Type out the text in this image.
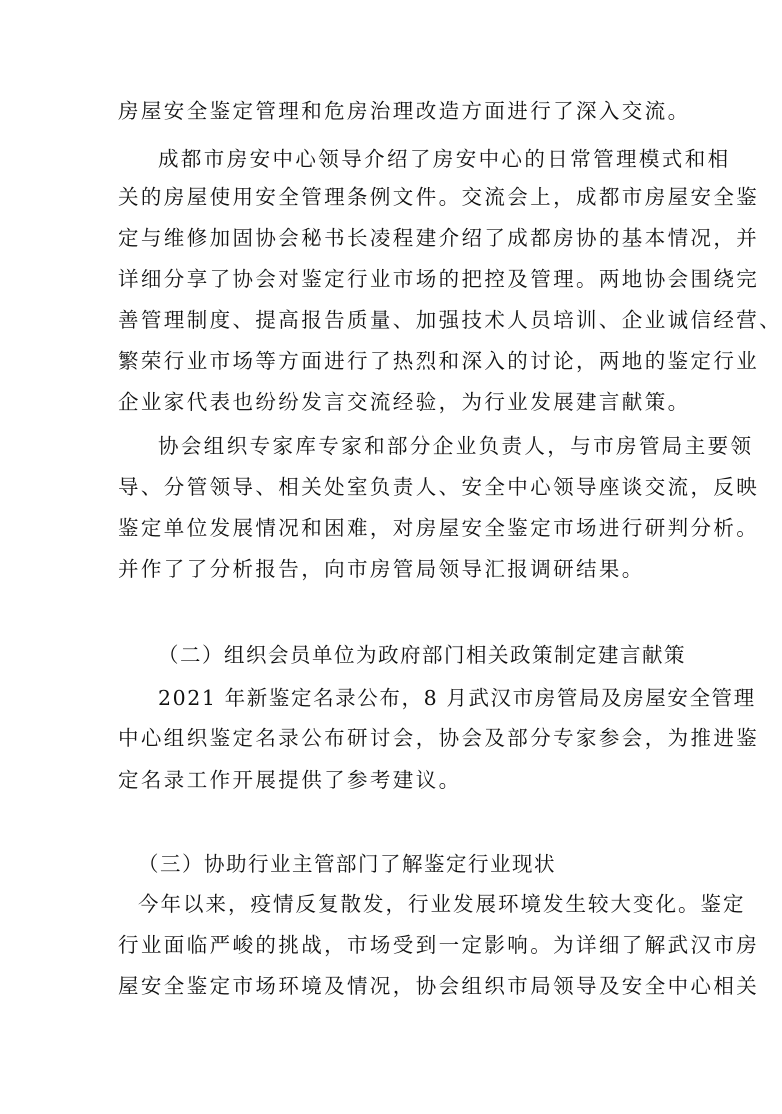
房屋安全鉴定管理和危房治理改造方面进行了深入交流。
成都市房安中心领导介绍了房安中心的日常管理模式和相
关的房屋使用安全管理条例文件。交流会上，成都市房屋安全鉴
定与维修加固协会秘书长凌程建介绍了成都房协的基本情况，并
详细分享了协会对鉴定行业市场的把控及管理。两地协会围绕完
善管理制度、提高报告质量、加强技术人员培训、企业诚信经营、
繁荣行业市场等方面进行了热烈和深入的讨论，两地的鉴定行业
企业家代表也纷纷发言交流经验，为行业发展建言献策。
协会组织专家库专家和部分企业负责人，与市房管局主要领
导、分管领导、相关处室负责人、安全中心领导座谈交流，反映
鉴定单位发展情况和困难，对房屋安全鉴定市场进行研判分析。
并作了了分析报告，向市房管局领导汇报调研结果。
（二）组织会员单位为政府部门相关政策制定建言献策
2021 年新鉴定名录公布，8 月武汉市房管局及房屋安全管理
中心组织鉴定名录公布研讨会，协会及部分专家参会，为推进鉴
定名录工作开展提供了参考建议。
（三）协助行业主管部门了解鉴定行业现状
今年以来，疫情反复散发，行业发展环境发生较大变化。鉴定
行业面临严峻的挑战，市场受到一定影响。为详细了解武汉市房
屋安全鉴定市场环境及情况，协会组织市局领导及安全中心相关
